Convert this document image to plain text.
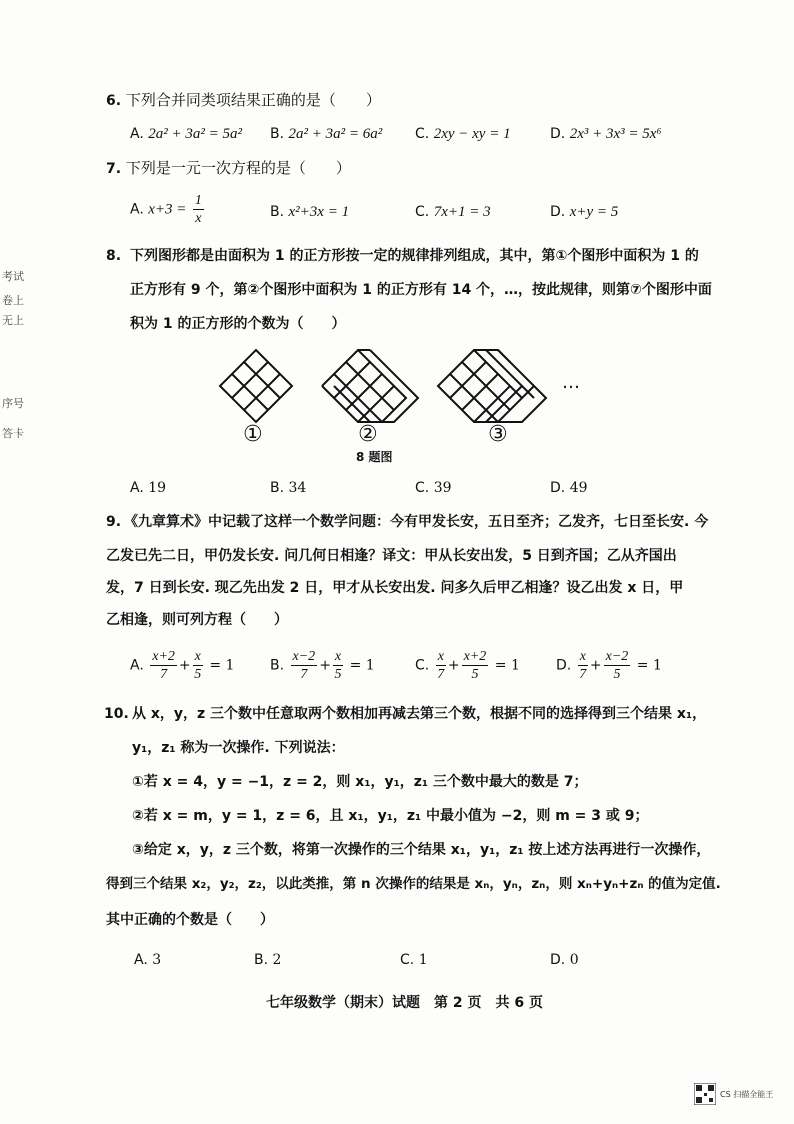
考试
卷上
无上
序号
答卡
6. 下列合并同类项结果正确的是（　　）
A. 2a² + 3a² = 5a² B. 2a² + 3a² = 6a² C. 2xy − xy = 1	D. 2x³ + 3x³ = 5x⁶
7. 下列是一元一次方程的是（　　）
A. $x+3 = \frac{1}{x}$	B. x²+3x = 1	C. 7x+1 = 3	D. x+y = 5
8. 下列图形都是由面积为 1 的正方形按一定的规律排列组成，其中，第①个图形中面积为 1 的
正方形有 9 个，第②个图形中面积为 1 的正方形有 14 个，…，按此规律，则第⑦个图形中面
积为 1 的正方形的个数为（　　）
…
①	②	③
8 题图
A. 19	B. 34	C. 39	D. 49
9. 《九章算术》中记载了这样一个数学问题：今有甲发长安，五日至齐；乙发齐，七日至长安. 今
乙发已先二日，甲仍发长安. 问几何日相逢？译文：甲从长安出发，5 日到齐国；乙从齐国出
发，7 日到长安. 现乙先出发 2 日，甲才从长安出发. 问多久后甲乙相逢？设乙出发 x 日，甲
乙相逢，则可列方程（　　）
A. $\frac{x+2}{7} + \frac{x}{5} = 1$	B. $\frac{x-2}{7} + \frac{x}{5} = 1$	C. $\frac{x}{7} + \frac{x+2}{5} = 1$	D. $\frac{x}{7} + \frac{x-2}{5} = 1$
10. 从 x，y，z 三个数中任意取两个数相加再减去第三个数，根据不同的选择得到三个结果 x₁，
y₁，z₁ 称为一次操作. 下列说法：
①若 x = 4，y = −1，z = 2，则 x₁，y₁，z₁ 三个数中最大的数是 7；
②若 x = m，y = 1，z = 6，且 x₁，y₁，z₁ 中最小值为 −2，则 m = 3 或 9；
③给定 x，y，z 三个数，将第一次操作的三个结果 x₁，y₁，z₁ 按上述方法再进行一次操作，
得到三个结果 x₂，y₂，z₂，以此类推，第 n 次操作的结果是 xₙ，yₙ，zₙ，则 xₙ+yₙ+zₙ 的值为定值.
其中正确的个数是（　　）
A. 3	B. 2	C. 1	D. 0
七年级数学（期末）试题　第 2 页　共 6 页
CS 扫描全能王
